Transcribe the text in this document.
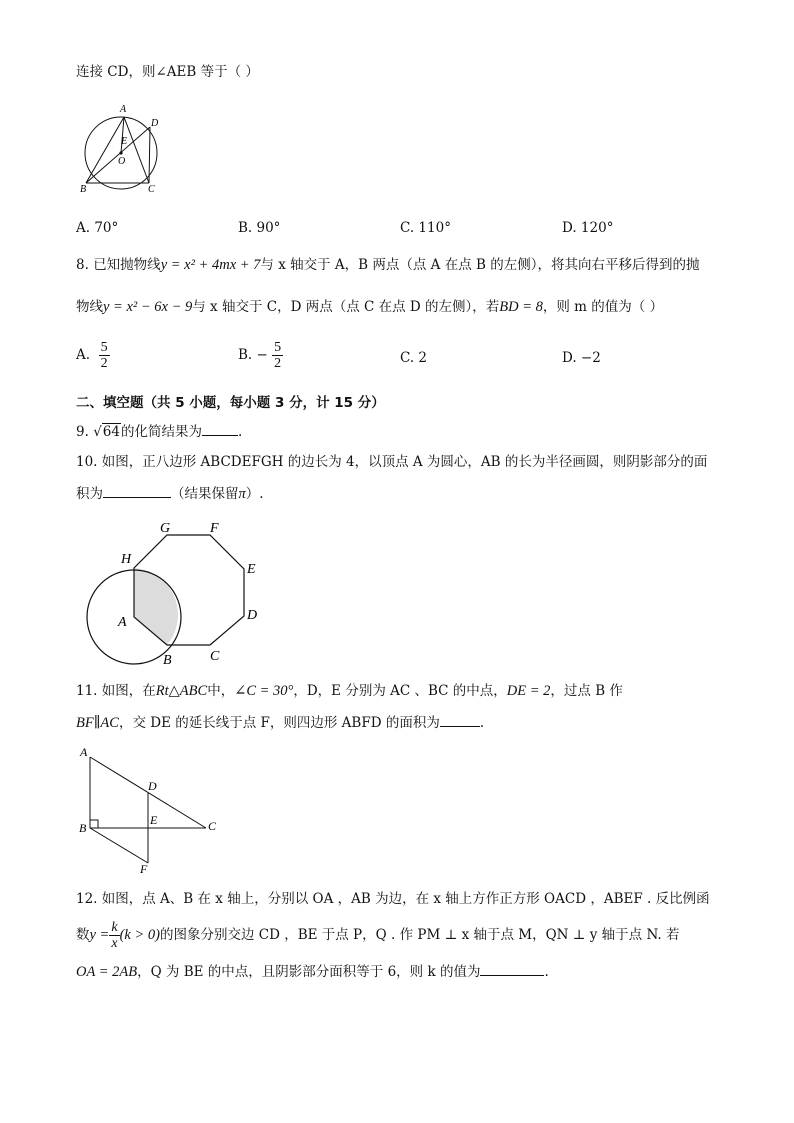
连接 CD，则∠AEB 等于（ ）
A
D
E
O
B	C
A. 70°	B. 90°	C. 110°	D. 120°
8. 已知抛物线y = x² + 4mx + 7与 x 轴交于 A，B 两点（点 A 在点 B 的左侧），将其向右平移后得到的抛
物线y = x² − 6x − 9与 x 轴交于 C，D 两点（点 C 在点 D 的左侧），若BD = 8，则 m 的值为（ ）
A. $\frac{5}{2}$	B. − $\frac{5}{2}$	C. 2	D. −2
二、填空题（共 5 小题，每小题 3 分，计 15 分）
9. √64的化简结果为	.
10. 如图，正八边形 ABCDEFGH 的边长为 4，以顶点 A 为圆心，AB 的长为半径画圆，则阴影部分的面
积为	（结果保留π）.
G	F
H
E
D
A
B	C
11. 如图，在Rt△ABC中，∠C = 30°，D，E 分别为 AC 、BC 的中点，DE = 2，过点 B 作
BF∥AC，交 DE 的延长线于点 F，则四边形 ABFD 的面积为	.
A
D
B
E	C
F
12. 如图，点 A、B 在 x 轴上，分别以 OA ，AB 为边，在 x 轴上方作正方形 OACD ，ABEF . 反比例函
数$y = \frac{k}{x} (k > 0)$的图象分别交边 CD ，BE 于点 P，Q . 作 PM ⊥ x 轴于点 M，QN ⊥ y 轴于点 N. 若
OA = 2AB，Q 为 BE 的中点，且阴影部分面积等于 6，则 k 的值为	.
